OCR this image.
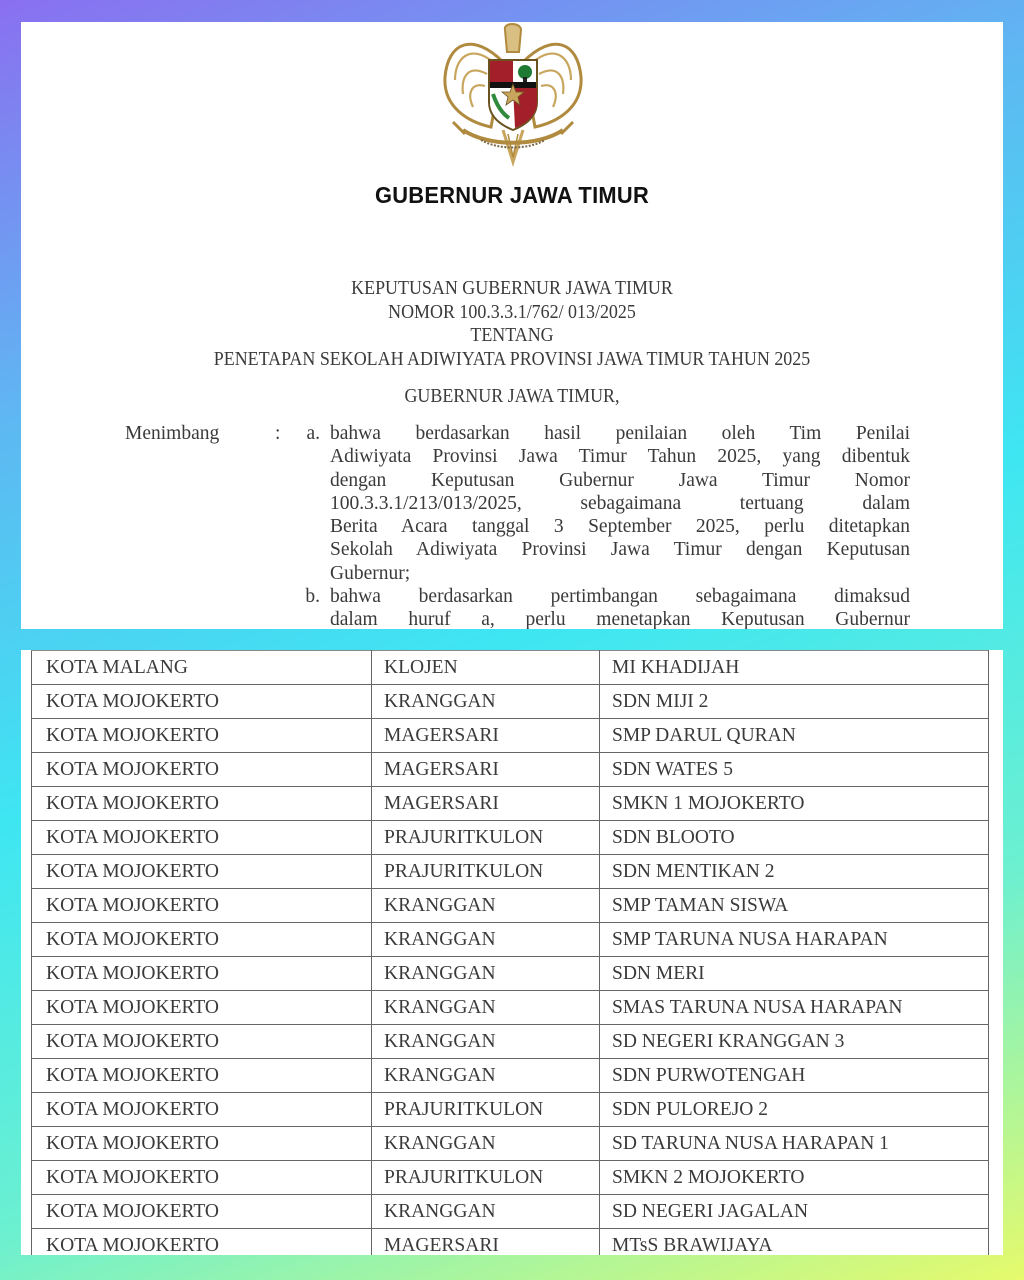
GUBERNUR JAWA TIMUR
KEPUTUSAN GUBERNUR JAWA TIMUR
NOMOR 100.3.3.1/762/ 013/2025
TENTANG
PENETAPAN SEKOLAH ADIWIYATA PROVINSI JAWA TIMUR TAHUN 2025
GUBERNUR JAWA TIMUR,
Menimbang	:	a. bahwa berdasarkan hasil penilaian oleh Tim Penilai
Adiwiyata Provinsi Jawa Timur Tahun 2025, yang dibentuk
dengan Keputusan Gubernur Jawa Timur Nomor
100.3.3.1/213/013/2025, sebagaimana tertuang dalam
Berita Acara tanggal 3 September 2025, perlu ditetapkan
Sekolah Adiwiyata Provinsi Jawa Timur dengan Keputusan
Gubernur;
b. bahwa berdasarkan pertimbangan sebagaimana dimaksud
dalam huruf a, perlu menetapkan Keputusan Gubernur
KOTA MALANG	KLOJEN	MI KHADIJAH
KOTA MOJOKERTO	KRANGGAN	SDN MIJI 2
KOTA MOJOKERTO	MAGERSARI	SMP DARUL QURAN
KOTA MOJOKERTO	MAGERSARI	SDN WATES 5
KOTA MOJOKERTO	MAGERSARI	SMKN 1 MOJOKERTO
KOTA MOJOKERTO	PRAJURITKULON	SDN BLOOTO
KOTA MOJOKERTO	PRAJURITKULON	SDN MENTIKAN 2
KOTA MOJOKERTO	KRANGGAN	SMP TAMAN SISWA
KOTA MOJOKERTO	KRANGGAN	SMP TARUNA NUSA HARAPAN
KOTA MOJOKERTO	KRANGGAN	SDN MERI
KOTA MOJOKERTO	KRANGGAN	SMAS TARUNA NUSA HARAPAN
KOTA MOJOKERTO	KRANGGAN	SD NEGERI KRANGGAN 3
KOTA MOJOKERTO	KRANGGAN	SDN PURWOTENGAH
KOTA MOJOKERTO	PRAJURITKULON	SDN PULOREJO 2
KOTA MOJOKERTO	KRANGGAN	SD TARUNA NUSA HARAPAN 1
KOTA MOJOKERTO	PRAJURITKULON	SMKN 2 MOJOKERTO
KOTA MOJOKERTO	KRANGGAN	SD NEGERI JAGALAN
KOTA MOJOKERTO	MAGERSARI	MTsS BRAWIJAYA
